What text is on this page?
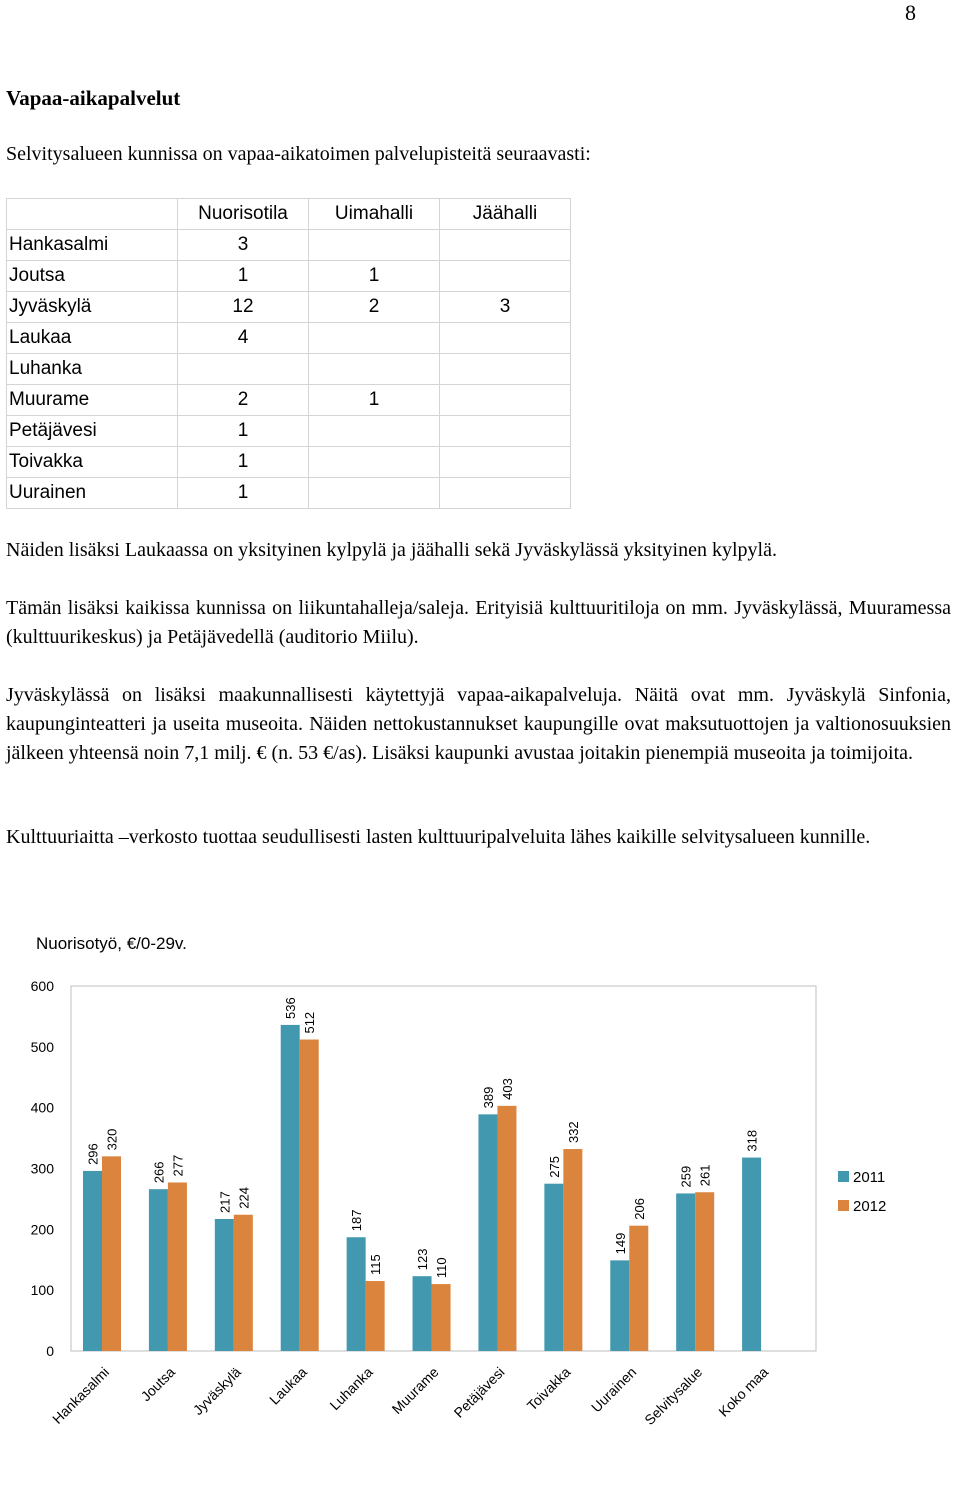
8
Vapaa-aikapalvelut
Selvitysalueen kunnissa on vapaa-aikatoimen palvelupisteitä seuraavasti:
	Nuorisotila	Uimahalli	Jäähalli
Hankasalmi	3		
Joutsa	1	1	
Jyväskylä	12	2	3
Laukaa	4		
Luhanka			
Muurame	2	1	
Petäjävesi	1		
Toivakka	1		
Uurainen	1		
Näiden lisäksi Laukaassa on yksityinen kylpylä ja jäähalli sekä Jyväskylässä yksityinen kylpylä.
Tämän lisäksi kaikissa kunnissa on liikuntahalleja/saleja. Erityisiä kulttuuritiloja on mm. Jyväskylässä, Muuramessa (kulttuurikeskus) ja Petäjävedellä (auditorio Miilu).
Jyväskylässä on lisäksi maakunnallisesti käytettyjä vapaa-aikapalveluja. Näitä ovat mm. Jyväskylä Sinfonia, kaupunginteatteri ja useita museoita. Näiden nettokustannukset kaupungille ovat maksutuottojen ja valtionosuuksien jälkeen yhteensä noin 7,1 milj. € (n. 53 €/as). Lisäksi kaupunki avustaa joitakin pienempiä museoita ja toimijoita.
Kulttuuriaitta –verkosto tuottaa seudullisesti lasten kulttuuripalveluita lähes kaikille selvitysalueen kunnille.
Nuorisotyö, €/0-29v.
0
100
200
300
400
500
600
296
320
Hankasalmi
266 277
Joutsa
217 224
Jyväskylä
536
512
Laukaa
187
115
Luhanka
123 110
Muurame
389 403
Petäjävesi
275
332
Toivakka
149
206
Uurainen
259 261
Selvitysalue
318
Koko maa
2011
2012
